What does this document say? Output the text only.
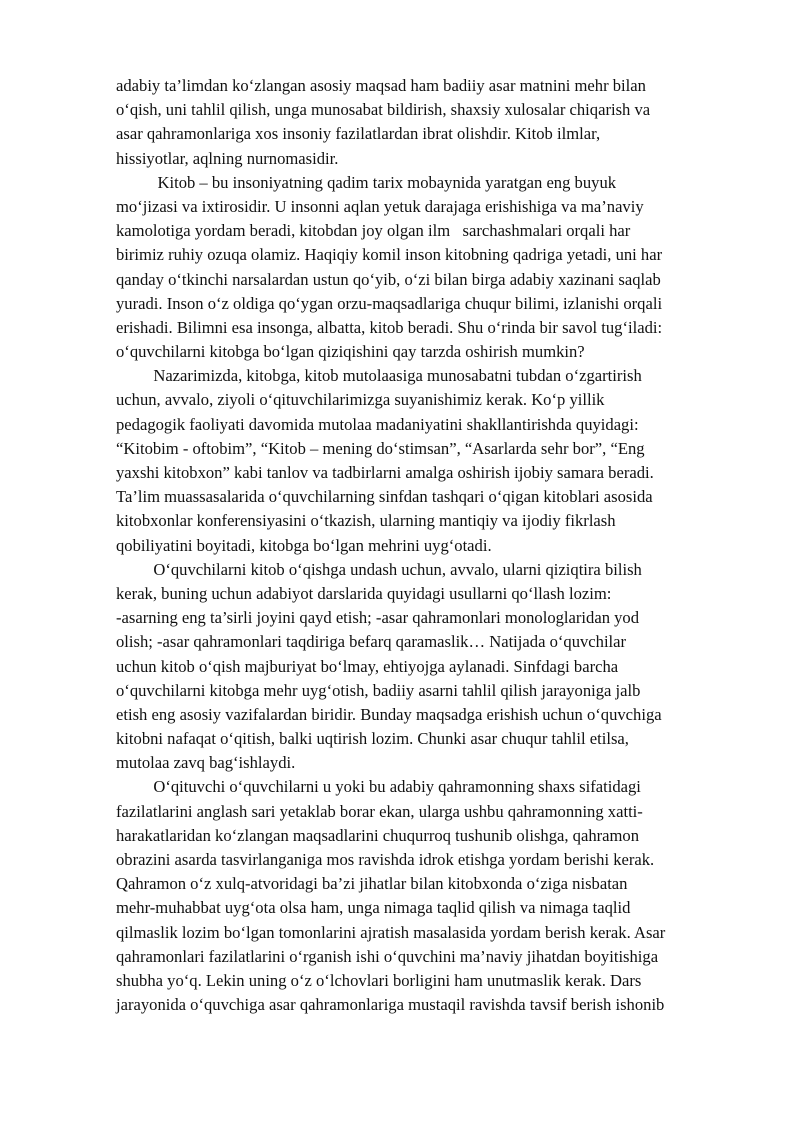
adabiy ta’limdan ko‘zlangan asosiy maqsad ham badiiy asar matnini mehr bilan
o‘qish, uni tahlil qilish, unga munosabat bildirish, shaxsiy xulosalar chiqarish va
asar qahramonlariga xos insoniy fazilatlardan ibrat olishdir. Kitob ilmlar,
hissiyotlar, aqlning nurnomasidir.
Kitob – bu insoniyatning qadim tarix mobaynida yaratgan eng buyuk
mo‘jizasi va ixtirosidir. U insonni aqlan yetuk darajaga erishishiga va ma’naviy
kamolotiga yordam beradi, kitobdan joy olgan ilm   sarchashmalari orqali har
birimiz ruhiy ozuqa olamiz. Haqiqiy komil inson kitobning qadriga yetadi, uni har
qanday o‘tkinchi narsalardan ustun qo‘yib, o‘zi bilan birga adabiy xazinani saqlab
yuradi. Inson o‘z oldiga qo‘ygan orzu-maqsadlariga chuqur bilimi, izlanishi orqali
erishadi. Bilimni esa insonga, albatta, kitob beradi. Shu o‘rinda bir savol tug‘iladi:
o‘quvchilarni kitobga bo‘lgan qiziqishini qay tarzda oshirish mumkin?
Nazarimizda, kitobga, kitob mutolaasiga munosabatni tubdan o‘zgartirish
uchun, avvalo, ziyoli o‘qituvchilarimizga suyanishimiz kerak. Ko‘p yillik
pedagogik faoliyati davomida mutolaa madaniyatini shakllantirishda quyidagi:
“Kitobim - oftobim”, “Kitob – mening do‘stimsan”, “Asarlarda sehr bor”, “Eng
yaxshi kitobxon” kabi tanlov va tadbirlarni amalga oshirish ijobiy samara beradi.
Ta’lim muassasalarida o‘quvchilarning sinfdan tashqari o‘qigan kitoblari asosida
kitobxonlar konferensiyasini o‘tkazish, ularning mantiqiy va ijodiy fikrlash
qobiliyatini boyitadi, kitobga bo‘lgan mehrini uyg‘otadi.
O‘quvchilarni kitob o‘qishga undash uchun, avvalo, ularni qiziqtira bilish
kerak, buning uchun adabiyot darslarida quyidagi usullarni qo‘llash lozim:
-asarning eng ta’sirli joyini qayd etish; -asar qahramonlari monologlaridan yod
olish; -asar qahramonlari taqdiriga befarq qaramaslik… Natijada o‘quvchilar
uchun kitob o‘qish majburiyat bo‘lmay, ehtiyojga aylanadi. Sinfdagi barcha
o‘quvchilarni kitobga mehr uyg‘otish, badiiy asarni tahlil qilish jarayoniga jalb
etish eng asosiy vazifalardan biridir. Bunday maqsadga erishish uchun o‘quvchiga
kitobni nafaqat o‘qitish, balki uqtirish lozim. Chunki asar chuqur tahlil etilsa,
mutolaa zavq bag‘ishlaydi.
O‘qituvchi o‘quvchilarni u yoki bu adabiy qahramonning shaxs sifatidagi
fazilatlarini anglash sari yetaklab borar ekan, ularga ushbu qahramonning xatti-
harakatlaridan ko‘zlangan maqsadlarini chuqurroq tushunib olishga, qahramon
obrazini asarda tasvirlanganiga mos ravishda idrok etishga yordam berishi kerak.
Qahramon o‘z xulq-atvoridagi ba’zi jihatlar bilan kitobxonda o‘ziga nisbatan
mehr-muhabbat uyg‘ota olsa ham, unga nimaga taqlid qilish va nimaga taqlid
qilmaslik lozim bo‘lgan tomonlarini ajratish masalasida yordam berish kerak. Asar
qahramonlari fazilatlarini o‘rganish ishi o‘quvchini ma’naviy jihatdan boyitishiga
shubha yo‘q. Lekin uning o‘z o‘lchovlari borligini ham unutmaslik kerak. Dars
jarayonida o‘quvchiga asar qahramonlariga mustaqil ravishda tavsif berish ishonib
